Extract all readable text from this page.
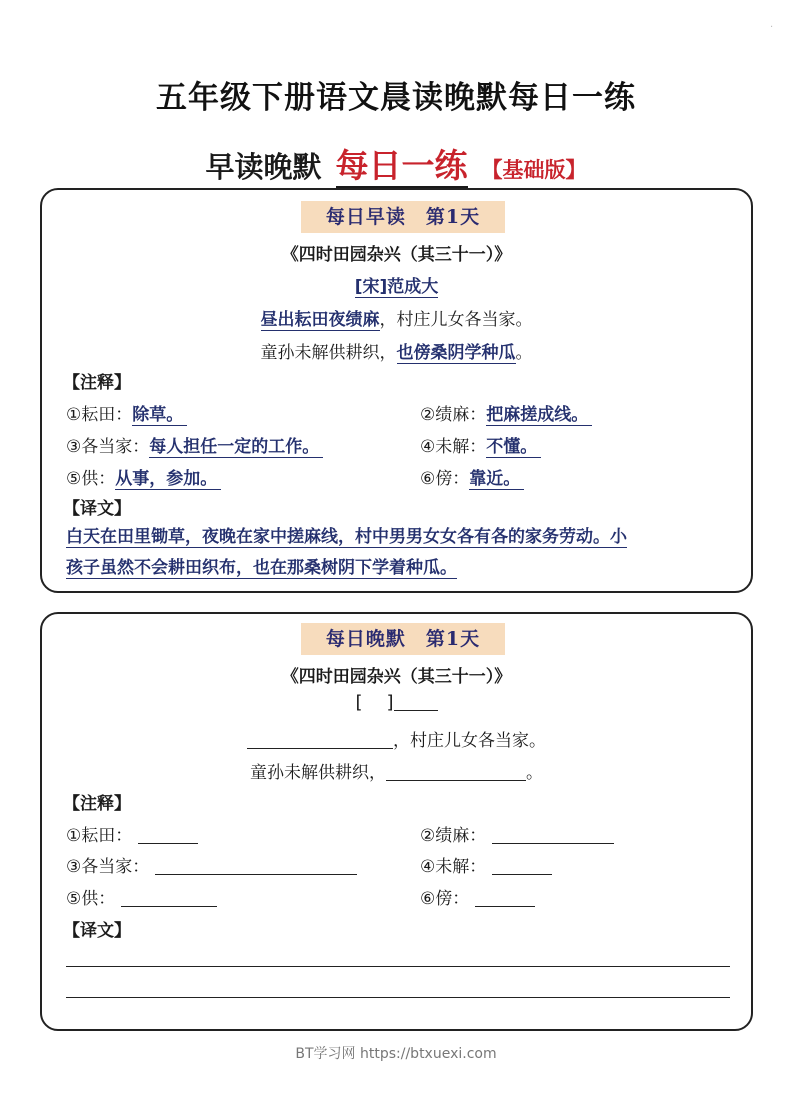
·
五年级下册语文晨读晚默每日一练
早读晚默 每日一练 【基础版】
每日早读　第1天
《四时田园杂兴（其三十一）》
[宋]范成大
昼出耘田夜绩麻，村庄儿女各当家。
童孙未解供耕织，也傍桑阴学种瓜。
【注释】
①耘田：除草。	②绩麻：把麻搓成线。
③各当家：每人担任一定的工作。	④未解：不懂。
⑤供：从事，参加。	⑥傍：靠近。
【译文】
白天在田里锄草，夜晚在家中搓麻线，村中男男女女各有各的家务劳动。小
孩子虽然不会耕田织布，也在那桑树阴下学着种瓜。
每日晚默　第1天
《四时田园杂兴（其三十一）》
[ ]
，村庄儿女各当家。
童孙未解供耕织，	。
【注释】
①耘田：	②绩麻：
③各当家：	④未解：
⑤供：	⑥傍：
【译文】
BT学习网 https://btxuexi.com
